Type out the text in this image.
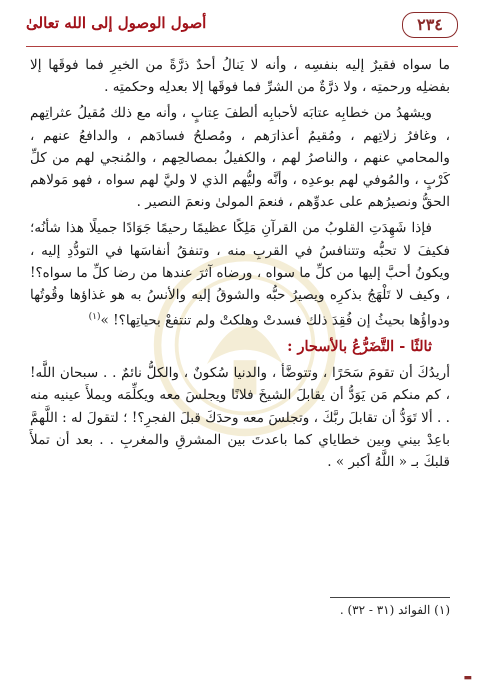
٢٣٤
أصول الوصول إلى الله تعالىٰ

ما سواه فقيرٌ إليه بنفسِه ، وأنه لا يَنالُ أحدٌ ذرَّةً من الخيرِ فما فوقَها إلا بفضلِه ورحمتِه ، ولا ذرَّةٌ من الشرِّ فما فوقَها إلا بعدلِه وحكمتِه .

ويشهدُ من خطابِه عتابَه لأحبابِه ألطفَ عِتابٍ ، وأنه مع ذلك مُقيلُ عثراتِهم ، وغافرُ زلاتِهم ، ومُقيمُ أعذارَهم ، ومُصلحُ فسادَهم ، والدافعُ عنهم ، والمحامي عنهم ، والناصرُ لهم ، والكفيلُ بمصالحِهم ، والمُنجي لهم من كلِّ كَرْبٍ ، والمُوفي لهم بوعدِه ، وأنَّه وليُّهم الذي لا وليَّ لهم سواه ، فهو مَولاهم الحقُّ ونصيرُهم على عدوِّهم ، فنعمَ المولىٰ ونعمَ النصير .

فإذا شَهِدَتِ القلوبُ من القرآنِ مَلِكًا عظيمًا رحيمًا جَوَادًا جميلًا هذا شأنُه؛ فكيفَ لا تحبُّه وتتنافسُ في القربِ منه ، وتنفقُ أنفاسَها في التودُّدِ إليه ، ويكونُ أحبَّ إليها من كلِّ ما سواه ، ورضاه آثرَ عندها من رضا كلِّ ما سواه؟! ، وكيف لا تَلْهَجُ بذكرِه ويصيرُ حبُّه والشوقُ إليه والأنسُ به هو غذاؤها وقُوتُها ودواؤُها بحيثُ إن فُقِدَ ذلك فسدتْ وهلكتْ ولم تنتفعْ بحياتِها؟! »$^{(١)}$

ثالثًا - التَّضَرُّعُ بالأسحار :

أريدُكَ أن تقومَ سَحَرًا ، وتتوضَّأ ، والدنيا سُكونٌ ، والكلُّ نائمٌ . . سبحان اللَّه! ، كم منكم مَن يَوَدُّ أن يقابلَ الشيخَ فلانًا ويجلسَ معه ويكلِّمَه ويملأَ عينيه منه . . ألا تَوَدُّ أن تقابلَ ربَّكَ ، وتجلسَ معه وحدَكَ قبلَ الفجرِ؟! ؛ لتقولَ له : اللَّهمَّ باعِدْ بيني وبين خطاياي كما باعدتَ بين المشرقِ والمغربِ . . بعد أن تملأَ قلبكَ بـ « اللَّهُ أكبر » .

(١) الفوائد (٣١ - ٣٢) .
▬
